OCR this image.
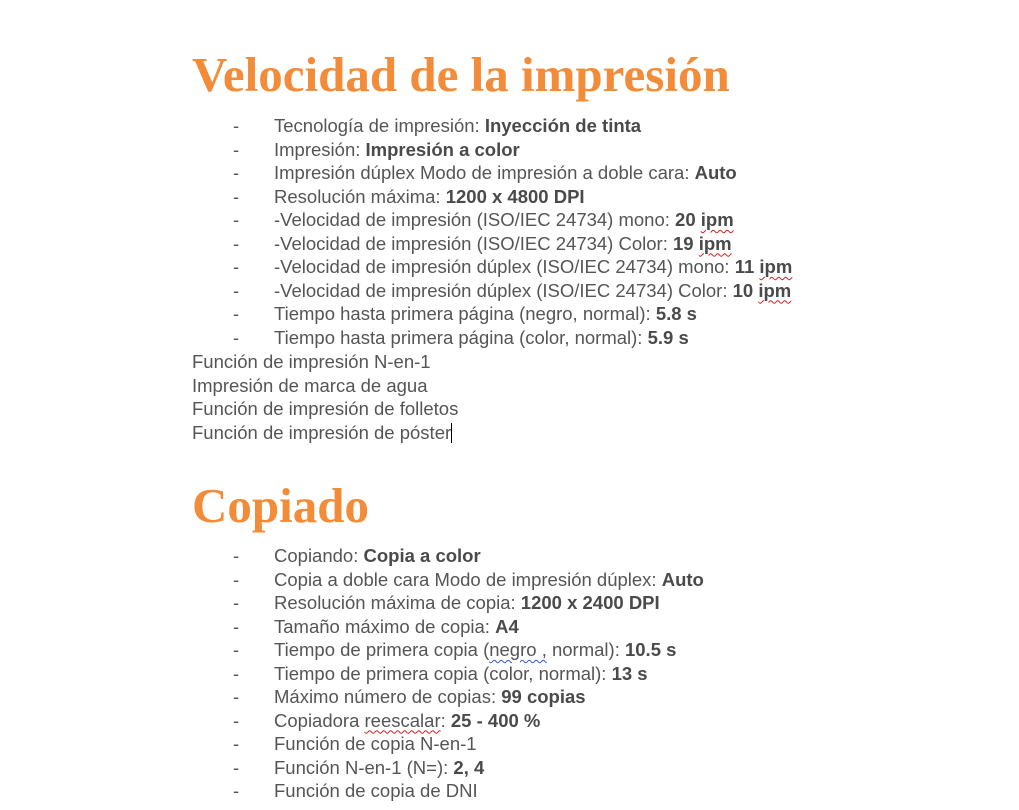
Velocidad de la impresión
- Tecnología de impresión: Inyección de tinta
- Impresión: Impresión a color
- Impresión dúplex Modo de impresión a doble cara: Auto
- Resolución máxima: 1200 x 4800 DPI
- -Velocidad de impresión (ISO/IEC 24734) mono: 20 ipm
- -Velocidad de impresión (ISO/IEC 24734) Color: 19 ipm
- -Velocidad de impresión dúplex (ISO/IEC 24734) mono: 11 ipm
- -Velocidad de impresión dúplex (ISO/IEC 24734) Color: 10 ipm
- Tiempo hasta primera página (negro, normal): 5.8 s
- Tiempo hasta primera página (color, normal): 5.9 s

Función de impresión N-en-1

Impresión de marca de agua

Función de impresión de folletos

Función de impresión de póster

Copiado
- Copiando: Copia a color
- Copia a doble cara Modo de impresión dúplex: Auto
- Resolución máxima de copia: 1200 x 2400 DPI
- Tamaño máximo de copia: A4
- Tiempo de primera copia (negro , normal): 10.5 s
- Tiempo de primera copia (color, normal): 13 s
- Máximo número de copias: 99 copias
- Copiadora reescalar: 25 - 400 %
- Función de copia N-en-1
- Función N-en-1 (N=): 2, 4
- Función de copia de DNI
